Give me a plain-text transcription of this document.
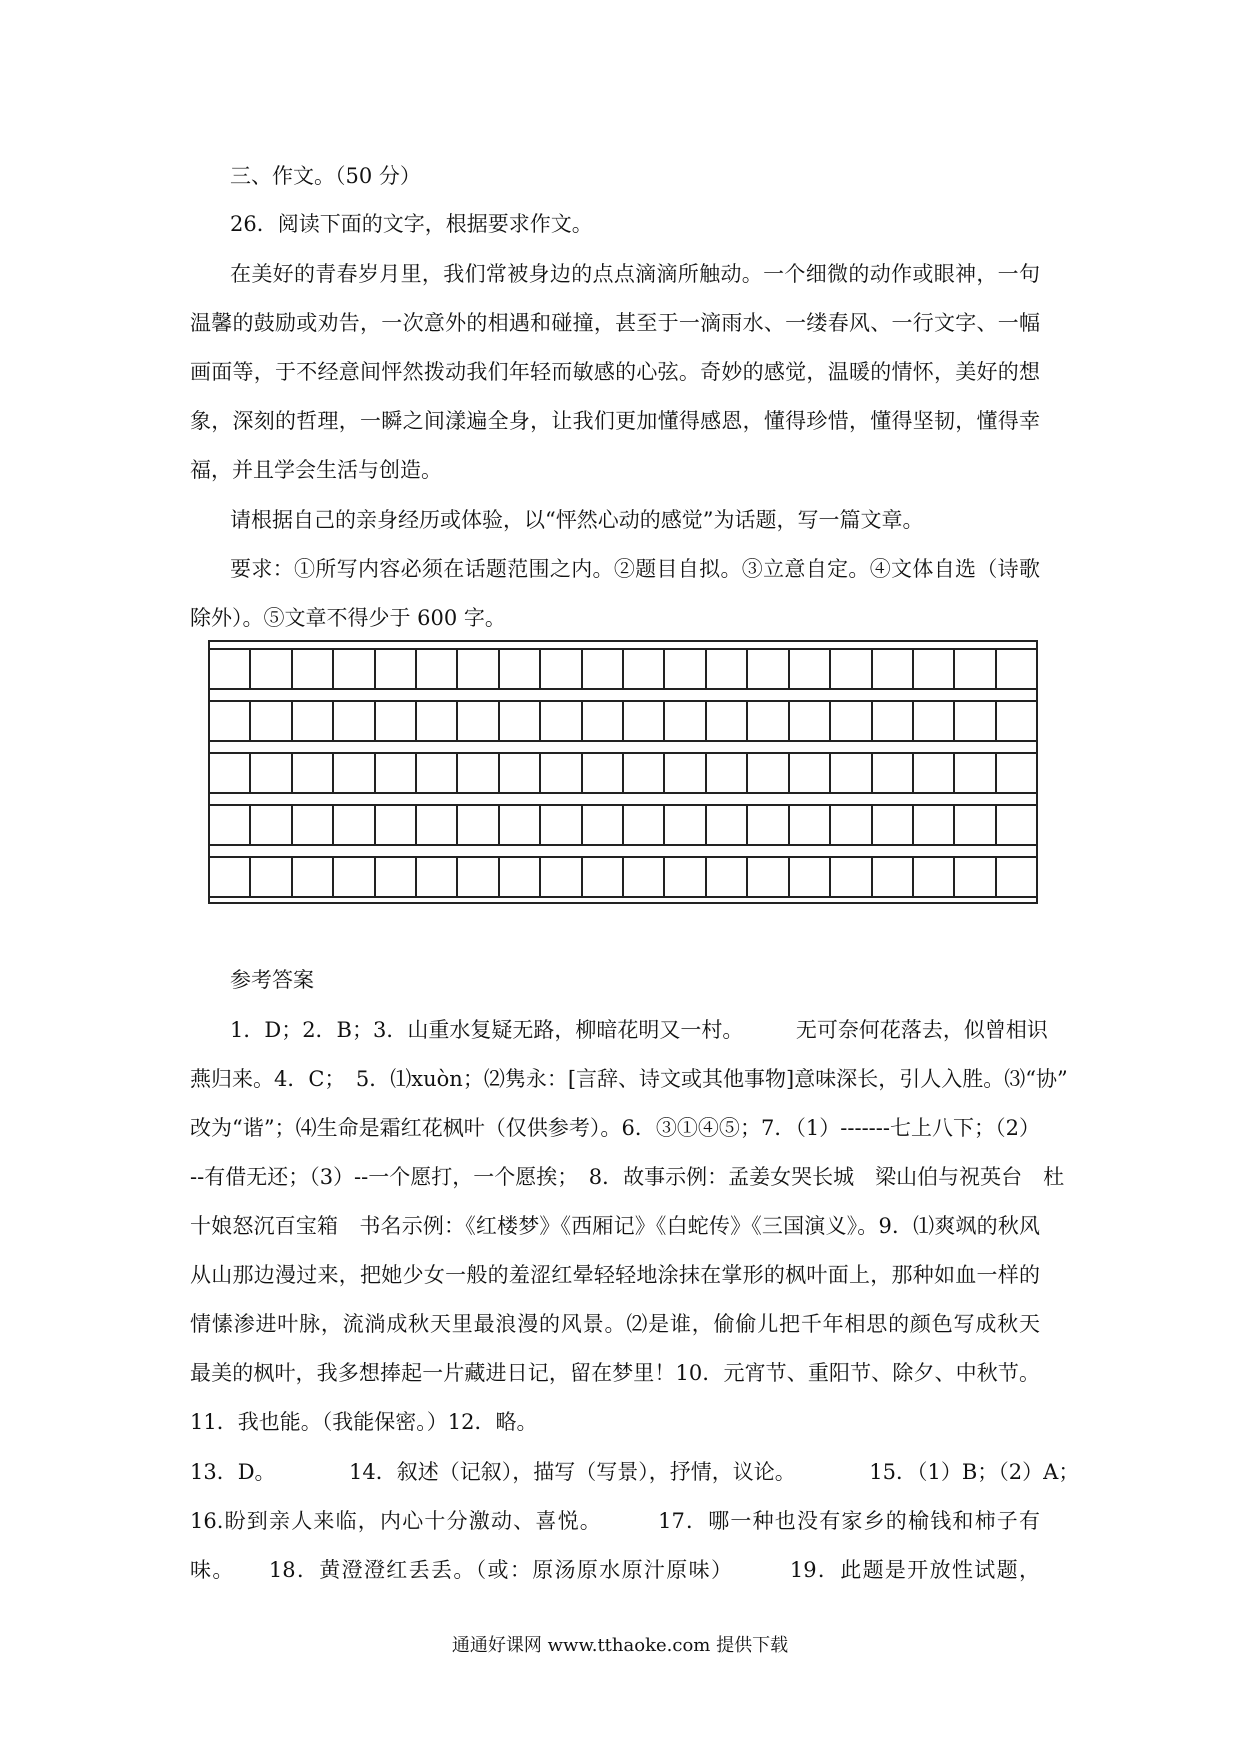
三、作文。（50 分）
26．阅读下面的文字，根据要求作文。
在美好的青春岁月里，我们常被身边的点点滴滴所触动。一个细微的动作或眼神，一句
温馨的鼓励或劝告，一次意外的相遇和碰撞，甚至于一滴雨水、一缕春风、一行文字、一幅
画面等，于不经意间怦然拨动我们年轻而敏感的心弦。奇妙的感觉，温暖的情怀，美好的想
象，深刻的哲理，一瞬之间漾遍全身，让我们更加懂得感恩，懂得珍惜，懂得坚韧，懂得幸
福，并且学会生活与创造。
请根据自己的亲身经历或体验，以“怦然心动的感觉”为话题，写一篇文章。
要求：①所写内容必须在话题范围之内。②题目自拟。③立意自定。④文体自选（诗歌
除外）。⑤文章不得少于 600 字。
参考答案
1．D；2．B；3．山重水复疑无路，柳暗花明又一村。　　　无可奈何花落去，似曾相识
燕归来。4．C；　5．⑴xuòn；⑵隽永：[言辞、诗文或其他事物]意味深长，引人入胜。⑶“协”
改为“谐”；⑷生命是霜红花枫叶（仅供参考）。6．③①④⑤；7．（1）-------七上八下；（2）
--有借无还；（3）--一个愿打，一个愿挨；　8．故事示例：孟姜女哭长城　梁山伯与祝英台　杜
十娘怒沉百宝箱　书名示例：《红楼梦》《西厢记》《白蛇传》《三国演义》。9．⑴爽飒的秋风
从山那边漫过来，把她少女一般的羞涩红晕轻轻地涂抹在掌形的枫叶面上，那种如血一样的
情愫渗进叶脉，流淌成秋天里最浪漫的风景。⑵是谁，偷偷儿把千年相思的颜色写成秋天
最美的枫叶，我多想捧起一片藏进日记，留在梦里！10．元宵节、重阳节、除夕、中秋节。
11．我也能。（我能保密。）12．略。
13．D。　　　　14．叙述（记叙），描写（写景），抒情，议论。　　　　15．（1）B；（2）A；
16.盼到亲人来临，内心十分激动、喜悦。　　　17．哪一种也没有家乡的榆钱和柿子有
味。　　18．黄澄澄红丢丢。（或：原汤原水原汁原味）　　　19．此题是开放性试题，
通通好课网 www.tthaoke.com 提供下载
